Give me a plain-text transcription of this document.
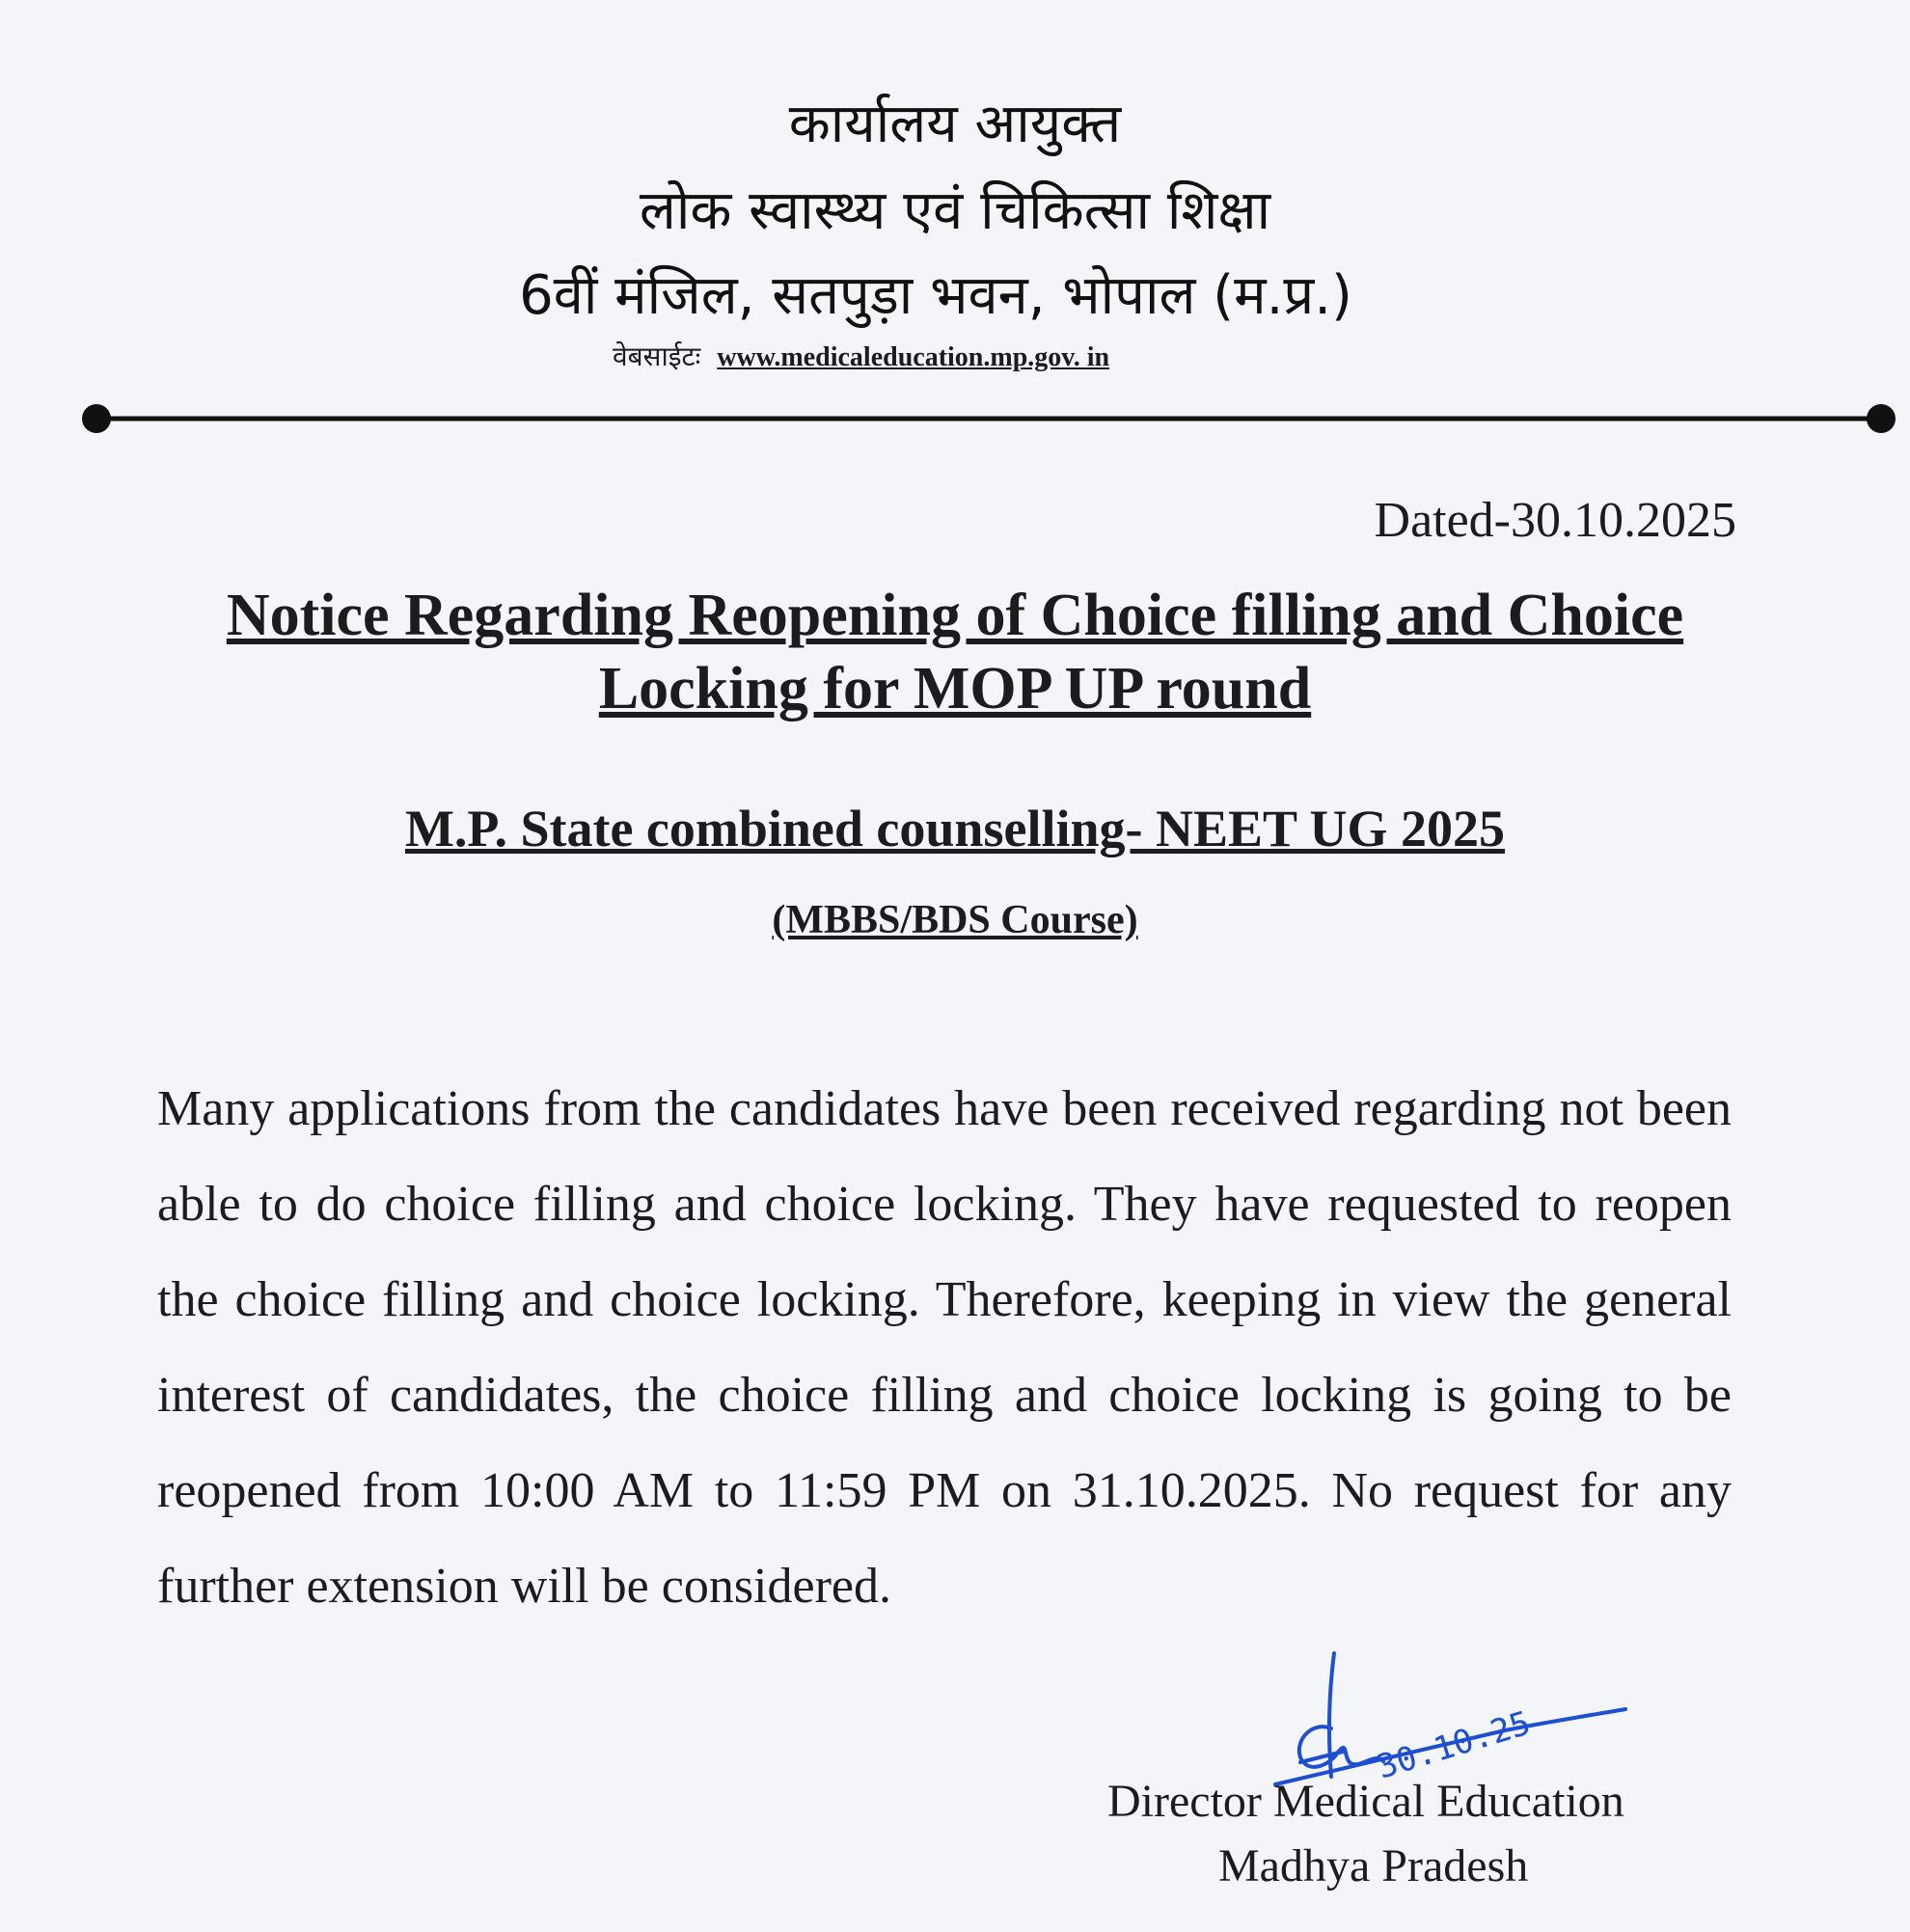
कार्यालय आयुक्त
लोक स्वास्थ्य एवं चिकित्सा शिक्षा
6वीं मंजिल, सतपुड़ा भवन, भोपाल (म.प्र.)
वेबसाईटः www.medicaleducation.mp.gov. in
Dated-30.10.2025
Notice Regarding Reopening of Choice filling and Choice Locking for MOP UP round
M.P. State combined counselling- NEET UG 2025
(MBBS/BDS Course)
Many applications from the candidates have been received regarding not been able to do choice filling and choice locking. They have requested to reopen the choice filling and choice locking. Therefore, keeping in view the general interest of candidates, the choice filling and choice locking is going to be reopened from 10:00 AM to 11:59 PM on 31.10.2025. No request for any further extension will be considered.
30.10.25
Director Medical Education
Madhya Pradesh
